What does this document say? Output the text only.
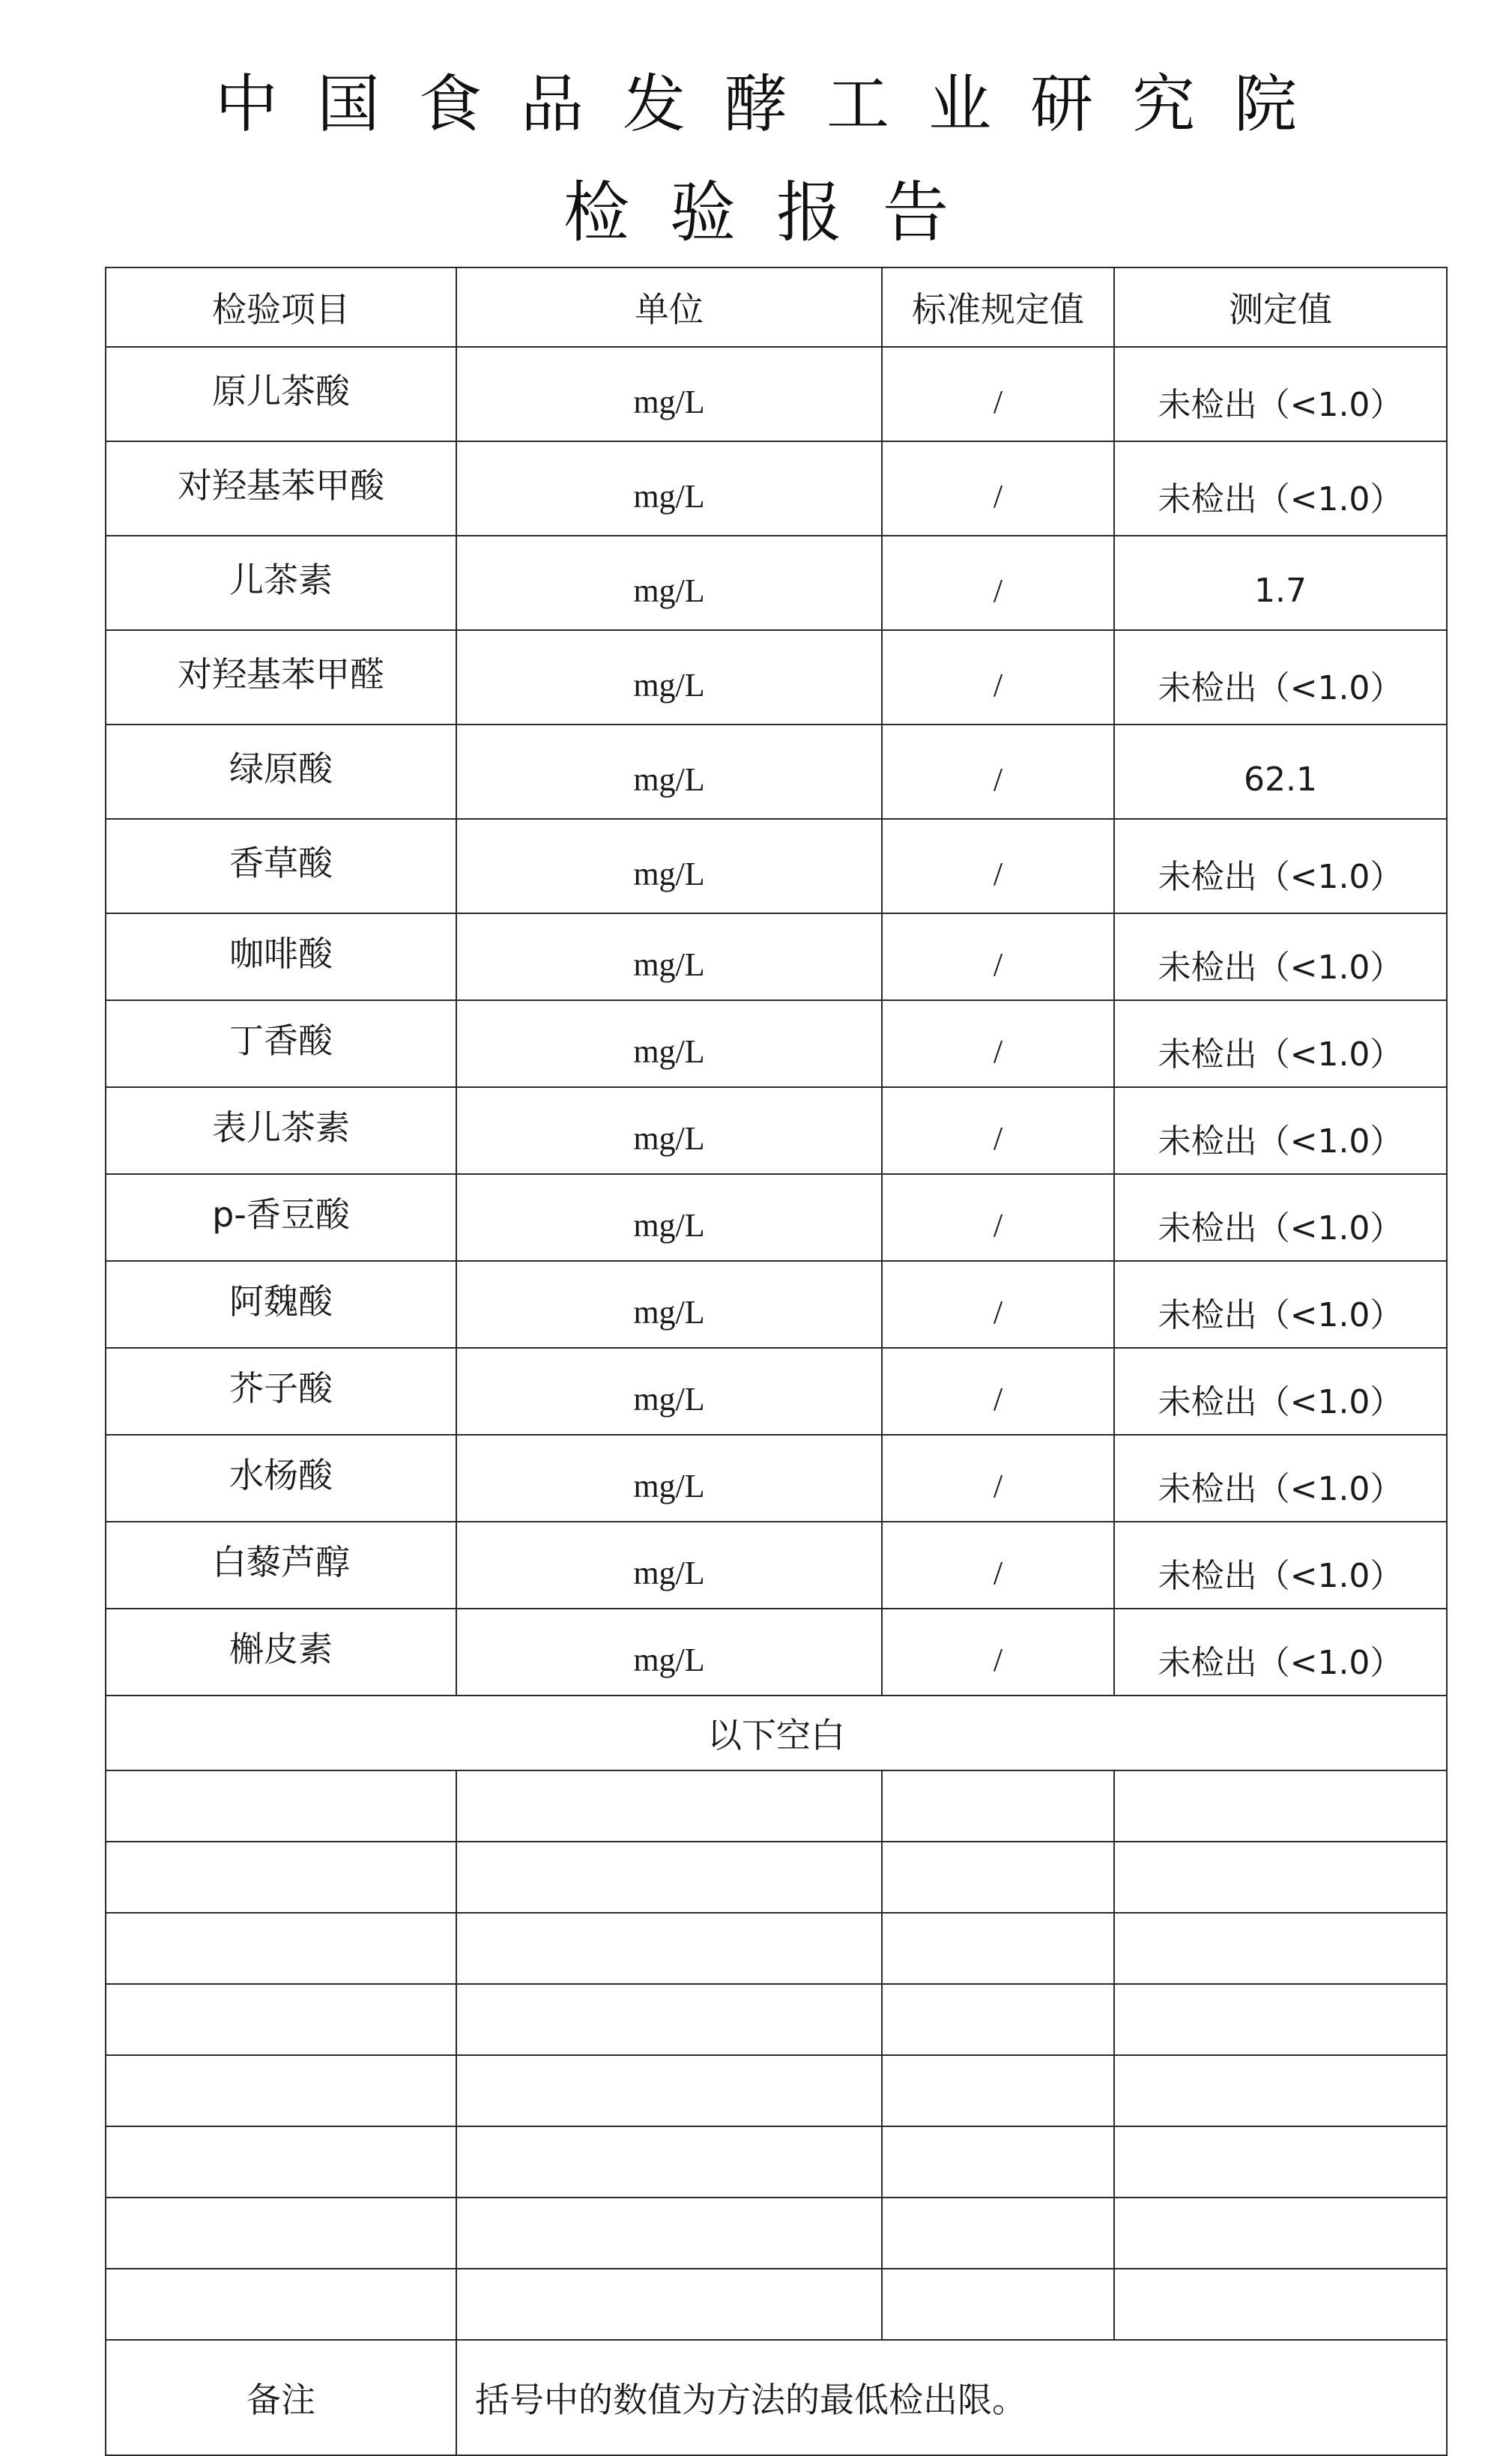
中国食品发酵工业研究院
检验报告
检验项目	单位	标准规定值	测定值
原儿茶酸	mg/L	/	未检出（<1.0）
对羟基苯甲酸	mg/L	/	未检出（<1.0）
儿茶素	mg/L	/	1.7
对羟基苯甲醛	mg/L	/	未检出（<1.0）
绿原酸	mg/L	/	62.1
香草酸	mg/L	/	未检出（<1.0）
咖啡酸	mg/L	/	未检出（<1.0）
丁香酸	mg/L	/	未检出（<1.0）
表儿茶素	mg/L	/	未检出（<1.0）
p-香豆酸	mg/L	/	未检出（<1.0）
阿魏酸	mg/L	/	未检出（<1.0）
芥子酸	mg/L	/	未检出（<1.0）
水杨酸	mg/L	/	未检出（<1.0）
白藜芦醇	mg/L	/	未检出（<1.0）
槲皮素	mg/L	/	未检出（<1.0）
以下空白			

备注	括号中的数值为方法的最低检出限。		
